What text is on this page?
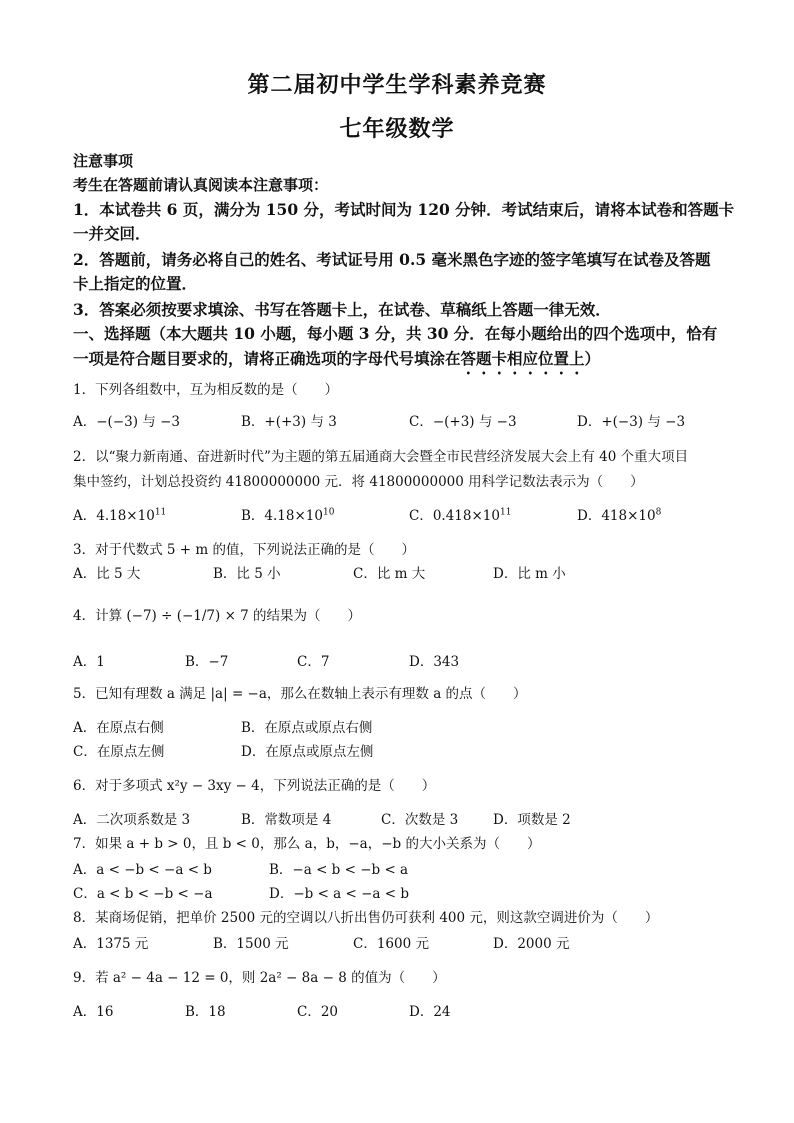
第二届初中学生学科素养竞赛
七年级数学
注意事项
考生在答题前请认真阅读本注意事项：
1．本试卷共 6 页，满分为 150 分，考试时间为 120 分钟．考试结束后，请将本试卷和答题卡
一并交回．
2．答题前，请务必将自己的姓名、考试证号用 0.5 毫米黑色字迹的签字笔填写在试卷及答题
卡上指定的位置．
3．答案必须按要求填涂、书写在答题卡上，在试卷、草稿纸上答题一律无效．
一、选择题（本大题共 10 小题，每小题 3 分，共 30 分．在每小题给出的四个选项中，恰有
一项是符合题目要求的，请将正确选项的字母代号填涂在答题卡相应位置上）
1．下列各组数中，互为相反数的是（　　）
A．−(−3) 与 −3	B．+(+3) 与 3	C．−(+3) 与 −3	D．+(−3) 与 −3
2．以“聚力新南通、奋进新时代”为主题的第五届通商大会暨全市民营经济发展大会上有 40 个重大项目
集中签约，计划总投资约 41800000000 元．将 41800000000 用科学记数法表示为（　　）
A．$4.18\times 10^{11}$	B．$4.18\times 10^{10}$	C．$0.418\times 10^{11}$	D．$418\times 10^8$
3．对于代数式 5 + m 的值，下列说法正确的是（　　）
A．比 5 大	B．比 5 小	C．比 m 大	D．比 m 小
4．计算 (−7) ÷ (−1/7) × 7 的结果为（　　）
A．1	B．−7	C．7	D．343
5．已知有理数 a 满足 |a| = −a，那么在数轴上表示有理数 a 的点（　　）
A．在原点右侧	B．在原点或原点右侧
C．在原点左侧	D．在原点或原点左侧
6．对于多项式 x²y − 3xy − 4，下列说法正确的是（　　）
A．二次项系数是 3	B．常数项是 4	C．次数是 3	D．项数是 2
7．如果 a + b > 0，且 b < 0，那么 a，b，−a，−b 的大小关系为（　　）
A．a < −b < −a < b	B．−a < b < −b < a
C．a < b < −b < −a	D．−b < a < −a < b
8．某商场促销，把单价 2500 元的空调以八折出售仍可获利 400 元，则这款空调进价为（　　）
A．1375 元	B．1500 元	C．1600 元	D．2000 元
9．若 a² − 4a − 12 = 0，则 2a² − 8a − 8 的值为（　　）
A．16	B．18	C．20	D．24
